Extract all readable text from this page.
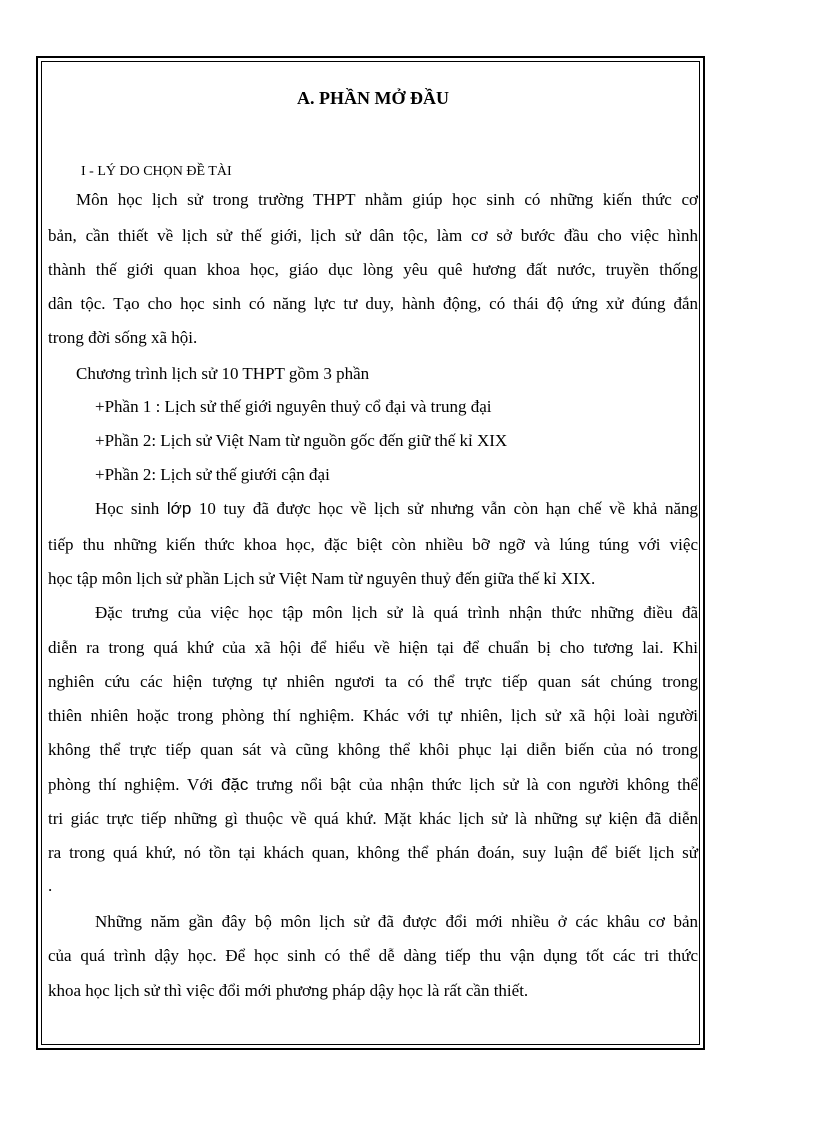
A. PHẦN MỞ ĐẦU
I - LÝ DO CHỌN ĐỀ TÀI
Môn học lịch sử trong trường THPT nhằm giúp học sinh có những kiến thức cơ
bản, cần thiết về lịch sử thế giới, lịch sử dân tộc, làm cơ sở bước đầu cho việc hình
thành thế giới quan khoa học, giáo dục lòng yêu quê hương đất nước, truyền thống
dân tộc. Tạo cho học sinh có năng lực tư duy, hành động, có thái độ ứng xử đúng đắn
trong đời sống xã hội.
Chương trình lịch sử 10 THPT gồm 3 phần
+Phần 1 : Lịch sử thế giới nguyên thuỷ cổ đại và trung đại
+Phần 2: Lịch sử Việt Nam từ nguồn gốc đến giữ thế kỉ XIX
+Phần 2: Lịch sử thế giưới cận đại
Học sinh lớp 10 tuy đã được học về lịch sử nhưng vẫn còn hạn chế về khả năng
tiếp thu những kiến thức khoa học, đặc biệt còn nhiều bỡ ngỡ và lúng túng với việc
học tập môn lịch sử phần Lịch sử Việt Nam từ nguyên thuỷ đến giữa thế kỉ XIX.
Đặc trưng của việc học tập môn lịch sử là quá trình nhận thức những điều đã
diễn ra trong quá khứ của xã hội để hiểu về hiện tại để chuẩn bị cho tương lai. Khi
nghiên cứu các hiện tượng tự nhiên ngươi ta có thể trực tiếp quan sát chúng trong
thiên nhiên hoặc trong phòng thí nghiệm. Khác với tự nhiên, lịch sử xã hội loài người
không thể trực tiếp quan sát và cũng không thể khôi phục lại diễn biến của nó trong
phòng thí nghiệm. Với đặc trưng nổi bật của nhận thức lịch sử là con người không thể
tri giác trực tiếp những gì thuộc về quá khứ. Mặt khác lịch sử là những sự kiện đã diễn
ra trong quá khứ, nó tồn tại khách quan, không thể phán đoán, suy luận để biết lịch sử
.
Những năm gần đây bộ môn lịch sử đã được đổi mới nhiều ở các khâu cơ bản
của quá trình dậy học. Để học sinh có thể dễ dàng tiếp thu vận dụng tốt các tri thức
khoa học lịch sử thì việc đổi mới phương pháp dậy học là rất cần thiết.
